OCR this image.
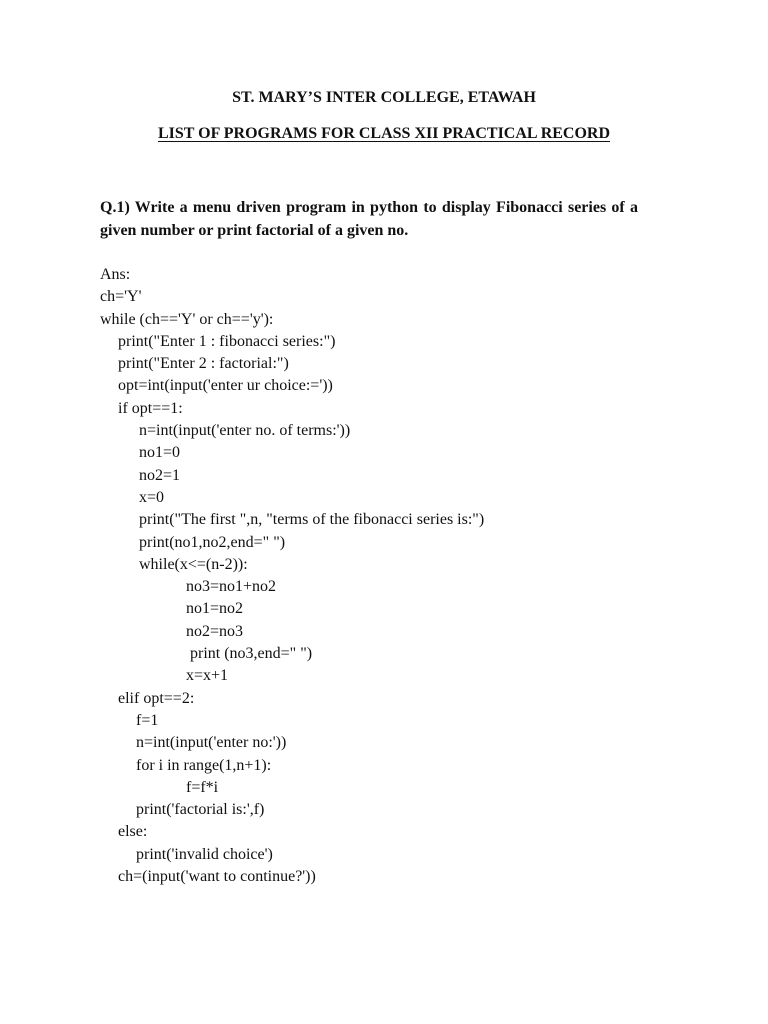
ST. MARY’S INTER COLLEGE, ETAWAH
LIST OF PROGRAMS FOR CLASS XII PRACTICAL RECORD
Q.1) Write a menu driven program in python to display Fibonacci series of a given number or print factorial of a given no.
Ans:
ch='Y'
while (ch=='Y' or ch=='y'):
print("Enter 1 : fibonacci series:")
print("Enter 2 : factorial:")
opt=int(input('enter ur choice:='))
if opt==1:
n=int(input('enter no. of terms:'))
no1=0
no2=1
x=0
print("The first ",n, "terms of the fibonacci series is:")
print(no1,no2,end=" ")
while(x<=(n-2)):
no3=no1+no2
no1=no2
no2=no3
print (no3,end=" ")
x=x+1
elif opt==2:
f=1
n=int(input('enter no:'))
for i in range(1,n+1):
f=f*i
print('factorial is:',f)
else:
print('invalid choice')
ch=(input('want to continue?'))
